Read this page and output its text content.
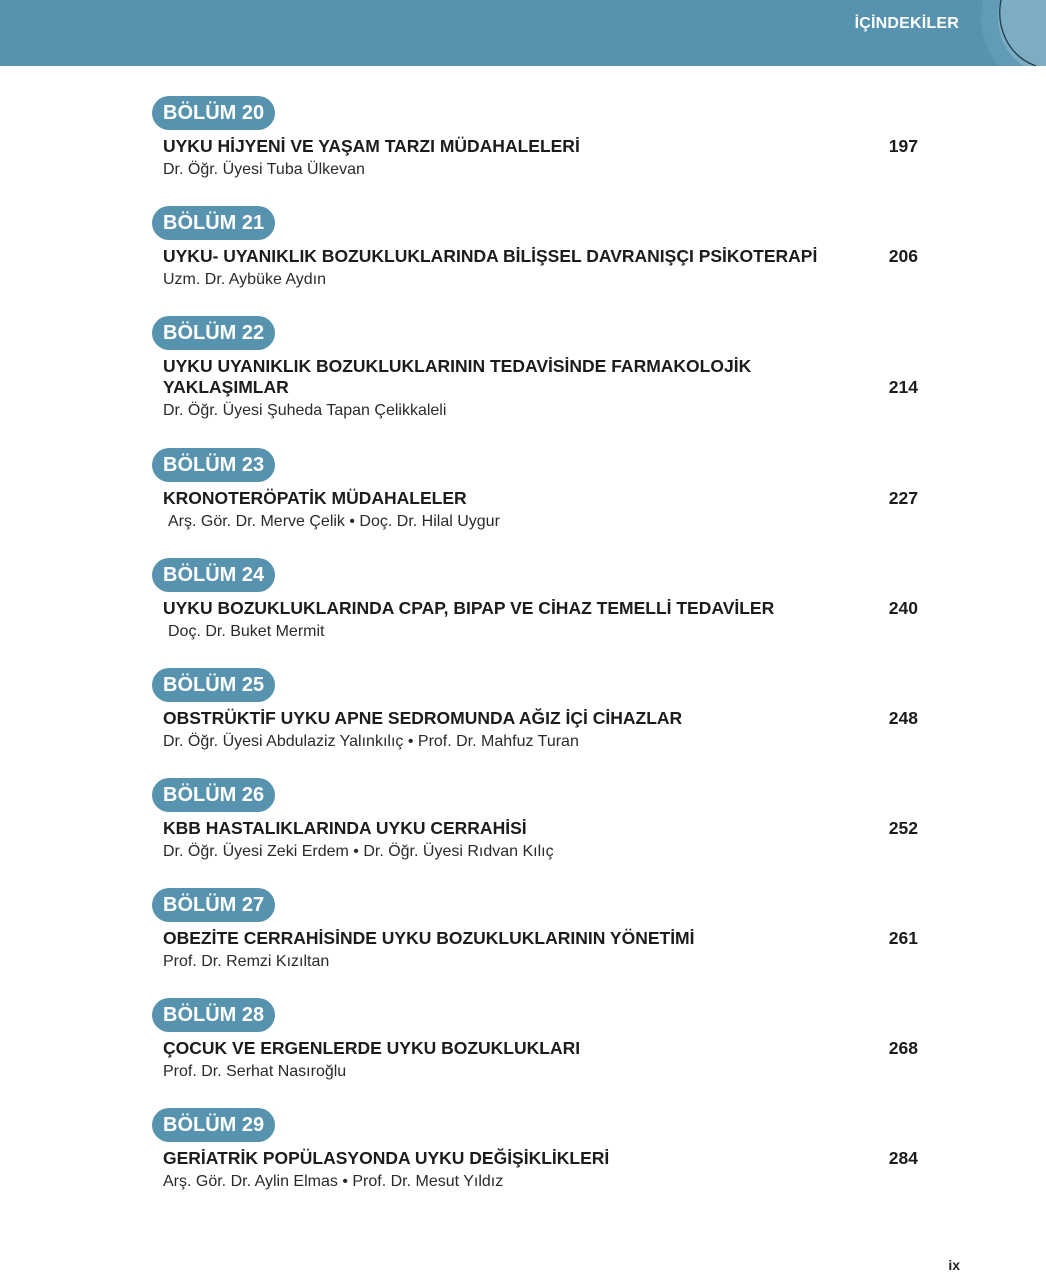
İÇİNDEKİLER
BÖLÜM 20
UYKU HİJYENİ VE YAŞAM TARZI MÜDAHALELERİ	197
Dr. Öğr. Üyesi Tuba Ülkevan
BÖLÜM 21
UYKU- UYANIKLIK BOZUKLUKLARINDA BİLİŞSEL DAVRANIŞÇI PSİKOTERAPİ	206
Uzm. Dr. Aybüke Aydın
BÖLÜM 22
UYKU UYANIKLIK BOZUKLUKLARININ TEDAVİSİNDE FARMAKOLOJİK YAKLAŞIMLAR	214
Dr. Öğr. Üyesi Şuheda Tapan Çelikkaleli
BÖLÜM 23
KRONOTERÖPATİK MÜDAHALELER	227
Arş. Gör. Dr. Merve Çelik • Doç. Dr. Hilal Uygur
BÖLÜM 24
UYKU BOZUKLUKLARINDA CPAP, BIPAP VE CİHAZ TEMELLİ TEDAVİLER	240
Doç. Dr. Buket Mermit
BÖLÜM 25
OBSTRÜKTİF UYKU APNE SEDROMUNDA AĞIZ İÇİ CİHAZLAR	248
Dr. Öğr. Üyesi Abdulaziz Yalınkılıç • Prof. Dr. Mahfuz Turan
BÖLÜM 26
KBB HASTALIKLARINDA UYKU CERRAHİSİ	252
Dr. Öğr. Üyesi Zeki Erdem • Dr. Öğr. Üyesi Rıdvan Kılıç
BÖLÜM 27
OBEZİTE CERRAHİSİNDE UYKU BOZUKLUKLARININ YÖNETİMİ	261
Prof. Dr. Remzi Kızıltan
BÖLÜM 28
ÇOCUK VE ERGENLERDE UYKU BOZUKLUKLARI	268
Prof. Dr. Serhat Nasıroğlu
BÖLÜM 29
GERİATRİK POPÜLASYONDA UYKU DEĞİŞİKLİKLERİ	284
Arş. Gör. Dr. Aylin Elmas • Prof. Dr. Mesut Yıldız
ix
